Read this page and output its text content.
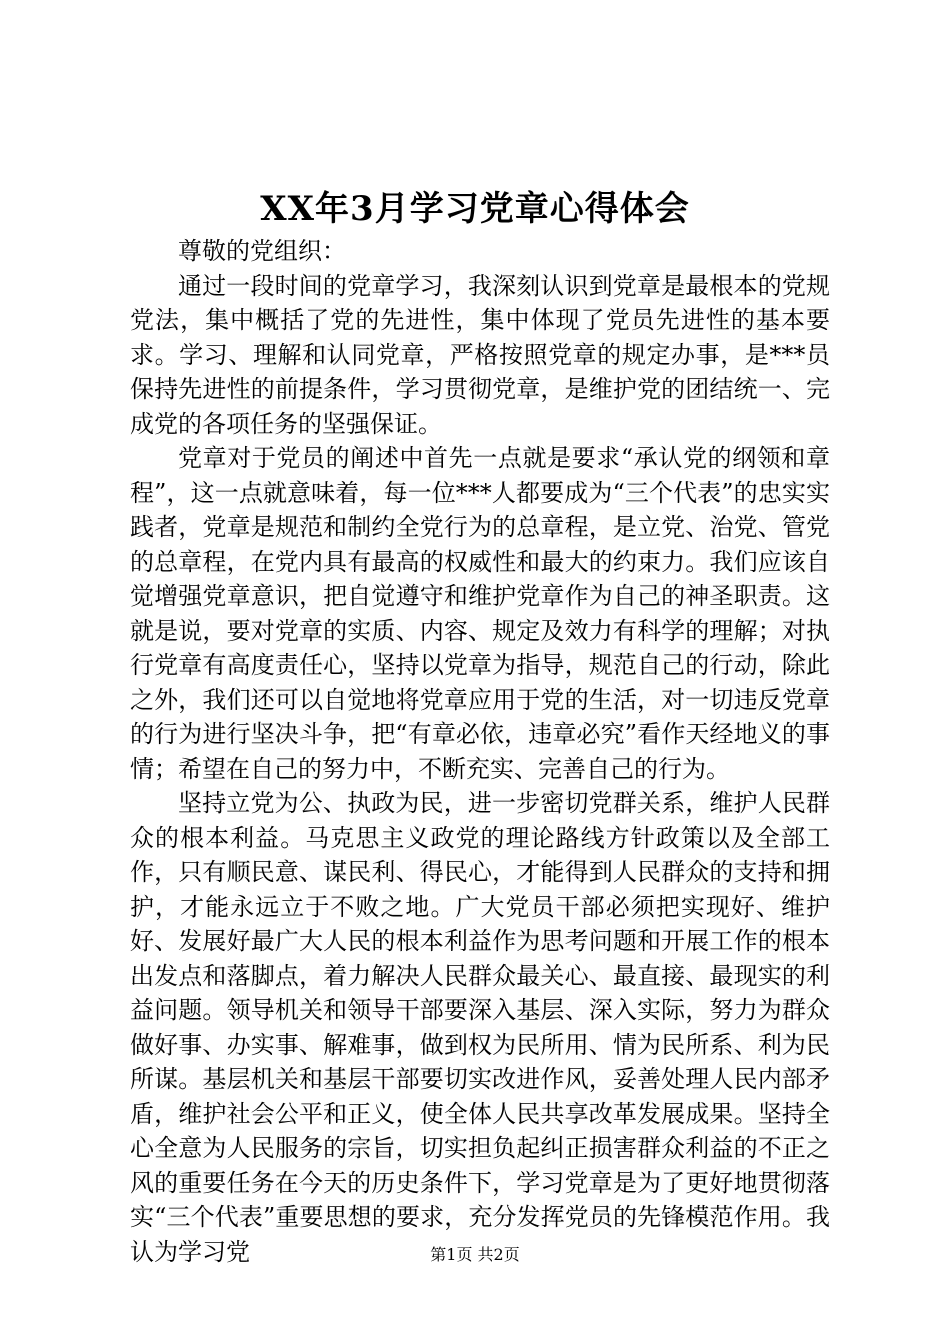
XX年3月学习党章心得体会

尊敬的党组织：

通过一段时间的党章学习，我深刻认识到党章是最根本的党规党法，集中概括了党的先进性，集中体现了党员先进性的基本要求。学习、理解和认同党章，严格按照党章的规定办事，是***员保持先进性的前提条件，学习贯彻党章，是维护党的团结统一、完成党的各项任务的坚强保证。

党章对于党员的阐述中首先一点就是要求“承认党的纲领和章程”，这一点就意味着，每一位***人都要成为“三个代表”的忠实实践者，党章是规范和制约全党行为的总章程，是立党、治党、管党的总章程，在党内具有最高的权威性和最大的约束力。我们应该自觉增强党章意识，把自觉遵守和维护党章作为自己的神圣职责。这就是说，要对党章的实质、内容、规定及效力有科学的理解；对执行党章有高度责任心，坚持以党章为指导，规范自己的行动，除此之外，我们还可以自觉地将党章应用于党的生活，对一切违反党章的行为进行坚决斗争，把“有章必依，违章必究”看作天经地义的事情；希望在自己的努力中，不断充实、完善自己的行为。

坚持立党为公、执政为民，进一步密切党群关系，维护人民群众的根本利益。马克思主义政党的理论路线方针政策以及全部工作，只有顺民意、谋民利、得民心，才能得到人民群众的支持和拥护，才能永远立于不败之地。广大党员干部必须把实现好、维护好、发展好最广大人民的根本利益作为思考问题和开展工作的根本出发点和落脚点，着力解决人民群众最关心、最直接、最现实的利益问题。领导机关和领导干部要深入基层、深入实际，努力为群众做好事、办实事、解难事，做到权为民所用、情为民所系、利为民所谋。基层机关和基层干部要切实改进作风，妥善处理人民内部矛盾，维护社会公平和正义，使全体人民共享改革发展成果。坚持全心全意为人民服务的宗旨，切实担负起纠正损害群众利益的不正之风的重要任务在今天的历史条件下，学习党章是为了更好地贯彻落实“三个代表”重要思想的要求，充分发挥党员的先锋模范作用。我认为学习党	第1页 共2页
